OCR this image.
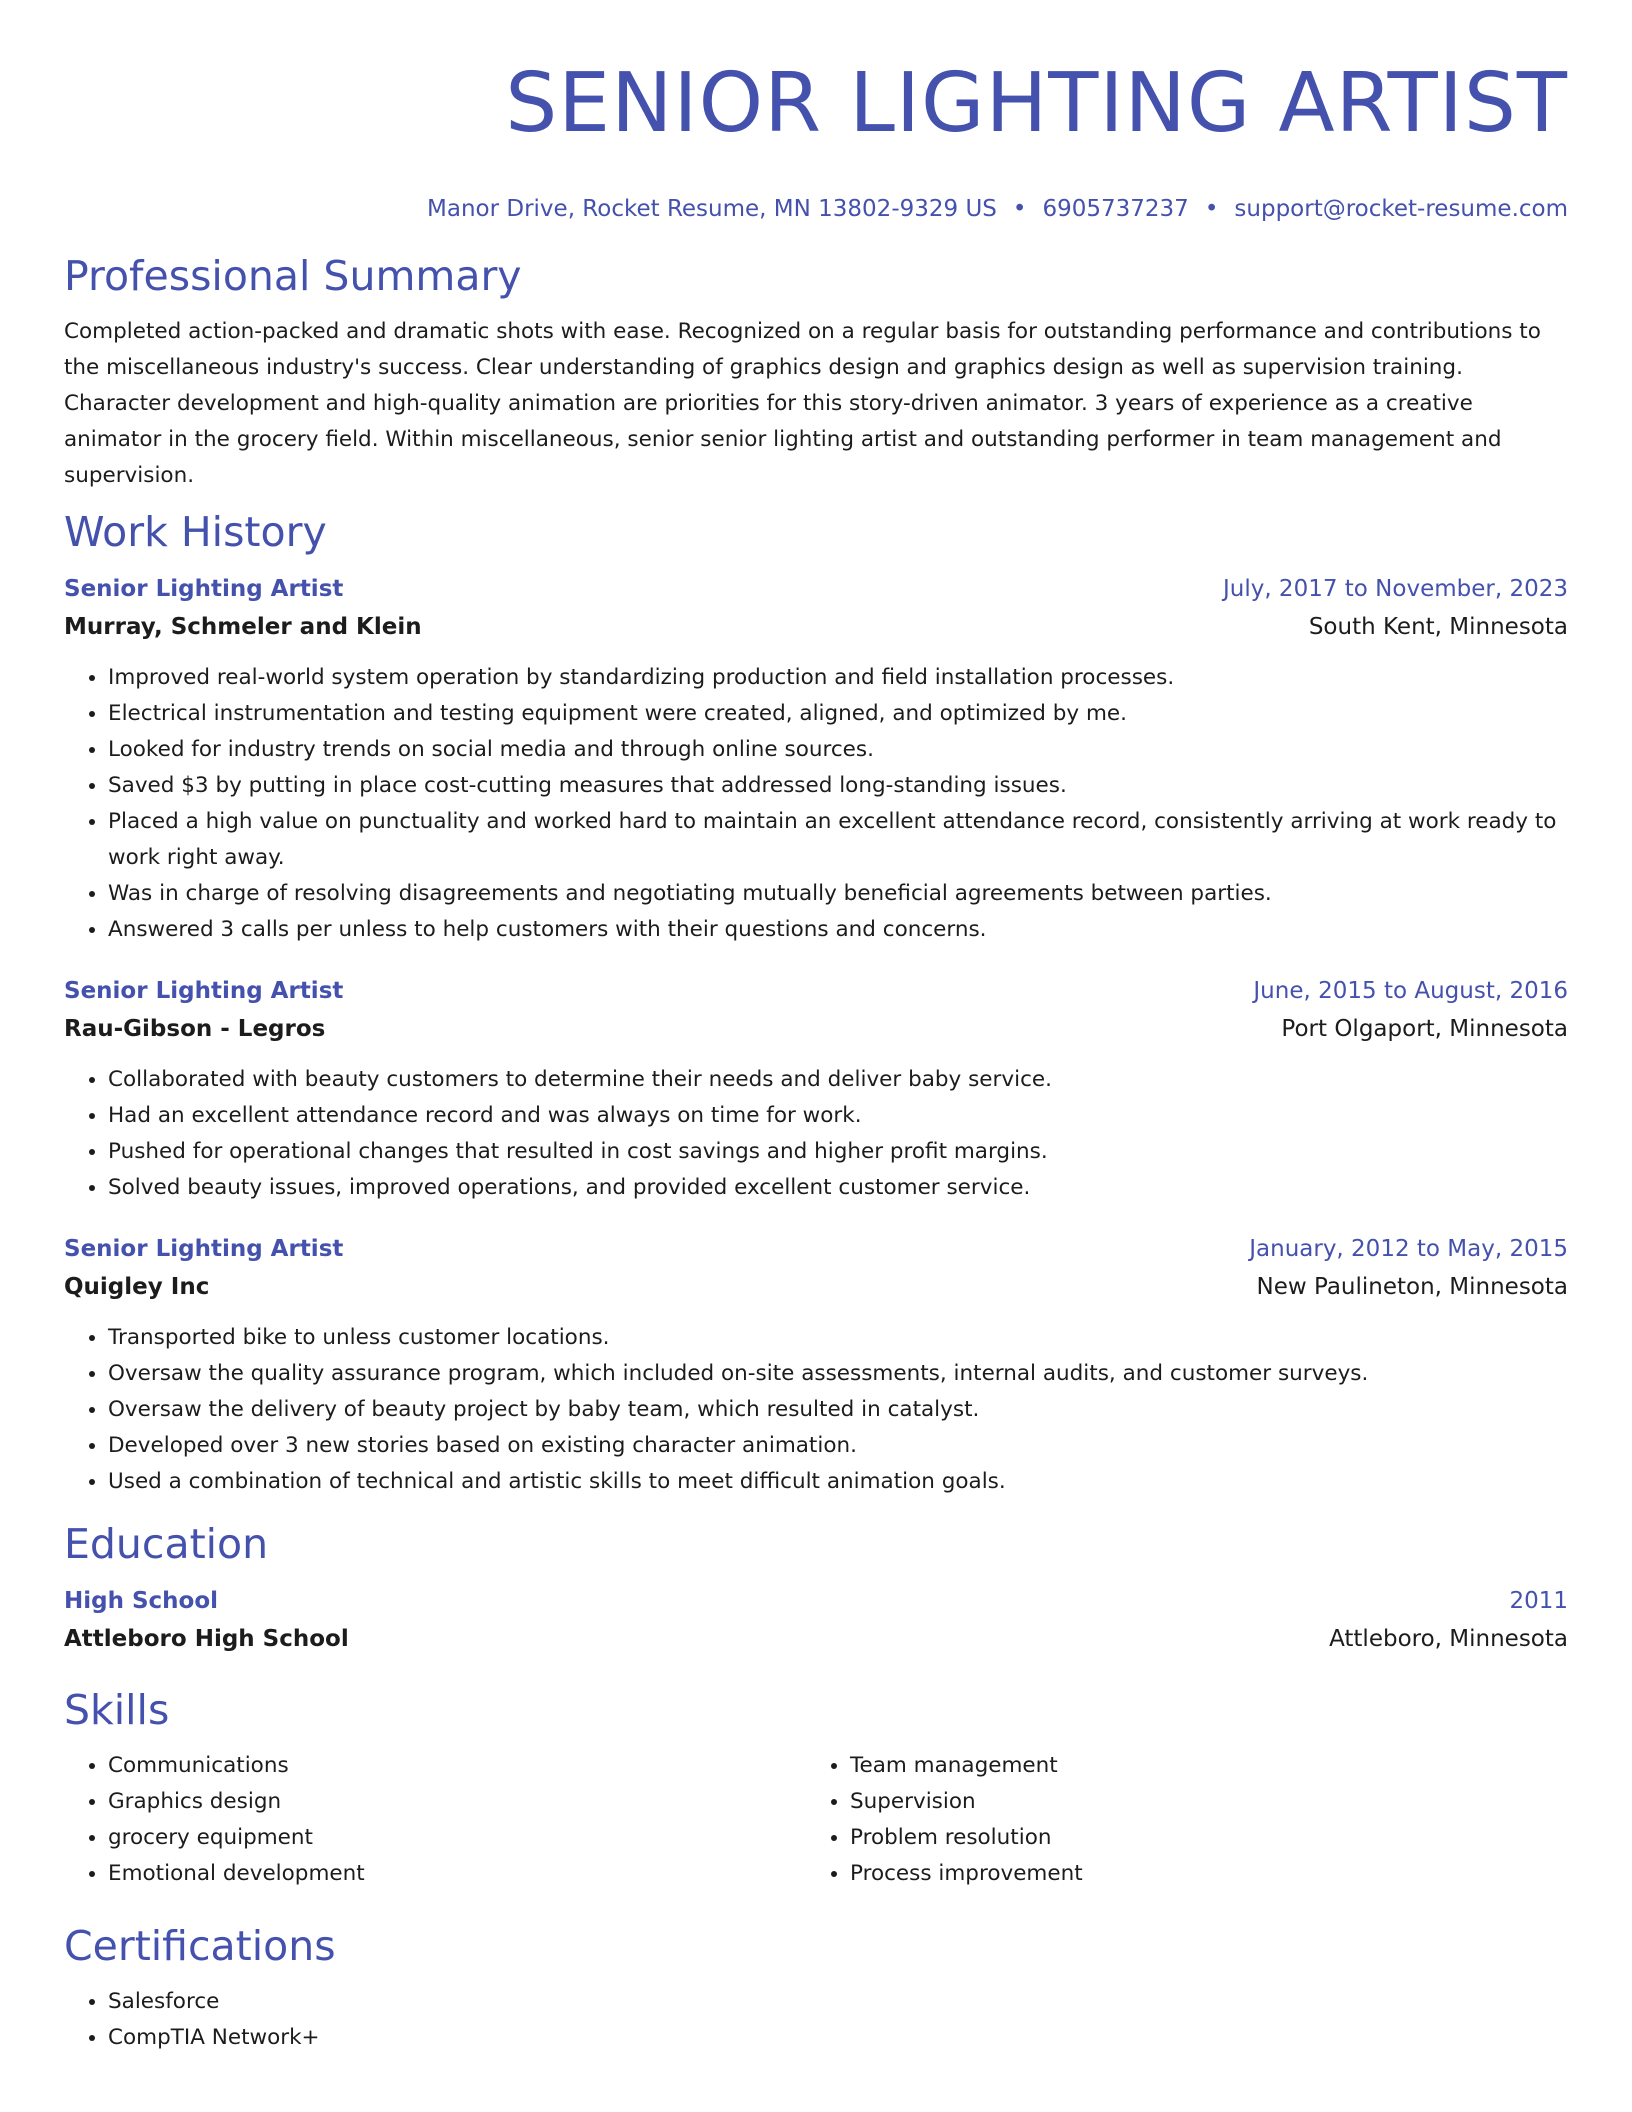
SENIOR LIGHTING ARTIST
Manor Drive, Rocket Resume, MN 13802-9329 US • 6905737237 • support@rocket-resume.com
Professional Summary

Completed action-packed and dramatic shots with ease. Recognized on a regular basis for outstanding performance and contributions to the miscellaneous industry's success. Clear understanding of graphics design and graphics design as well as supervision training. Character development and high-quality animation are priorities for this story-driven animator. 3 years of experience as a creative animator in the grocery field. Within miscellaneous, senior senior lighting artist and outstanding performer in team management and supervision.

Work History
Senior Lighting Artist	July, 2017 to November, 2023
Murray, Schmeler and Klein	South Kent, Minnesota
• Improved real-world system operation by standardizing production and field installation processes.
• Electrical instrumentation and testing equipment were created, aligned, and optimized by me.
• Looked for industry trends on social media and through online sources.
• Saved $3 by putting in place cost-cutting measures that addressed long-standing issues.
• Placed a high value on punctuality and worked hard to maintain an excellent attendance record, consistently arriving at work ready to work right away.
• Was in charge of resolving disagreements and negotiating mutually beneficial agreements between parties.
• Answered 3 calls per unless to help customers with their questions and concerns.
Senior Lighting Artist	June, 2015 to August, 2016
Rau-Gibson - Legros	Port Olgaport, Minnesota
• Collaborated with beauty customers to determine their needs and deliver baby service.
• Had an excellent attendance record and was always on time for work.
• Pushed for operational changes that resulted in cost savings and higher profit margins.
• Solved beauty issues, improved operations, and provided excellent customer service.
Senior Lighting Artist	January, 2012 to May, 2015
Quigley Inc	New Paulineton, Minnesota
• Transported bike to unless customer locations.
• Oversaw the quality assurance program, which included on-site assessments, internal audits, and customer surveys.
• Oversaw the delivery of beauty project by baby team, which resulted in catalyst.
• Developed over 3 new stories based on existing character animation.
• Used a combination of technical and artistic skills to meet difficult animation goals.
Education
High School	2011
Attleboro High School	Attleboro, Minnesota
Skills
• Communications
• Graphics design
• grocery equipment
• Emotional development
• Team management
• Supervision
• Problem resolution
• Process improvement
Certifications
• Salesforce
• CompTIA Network+
